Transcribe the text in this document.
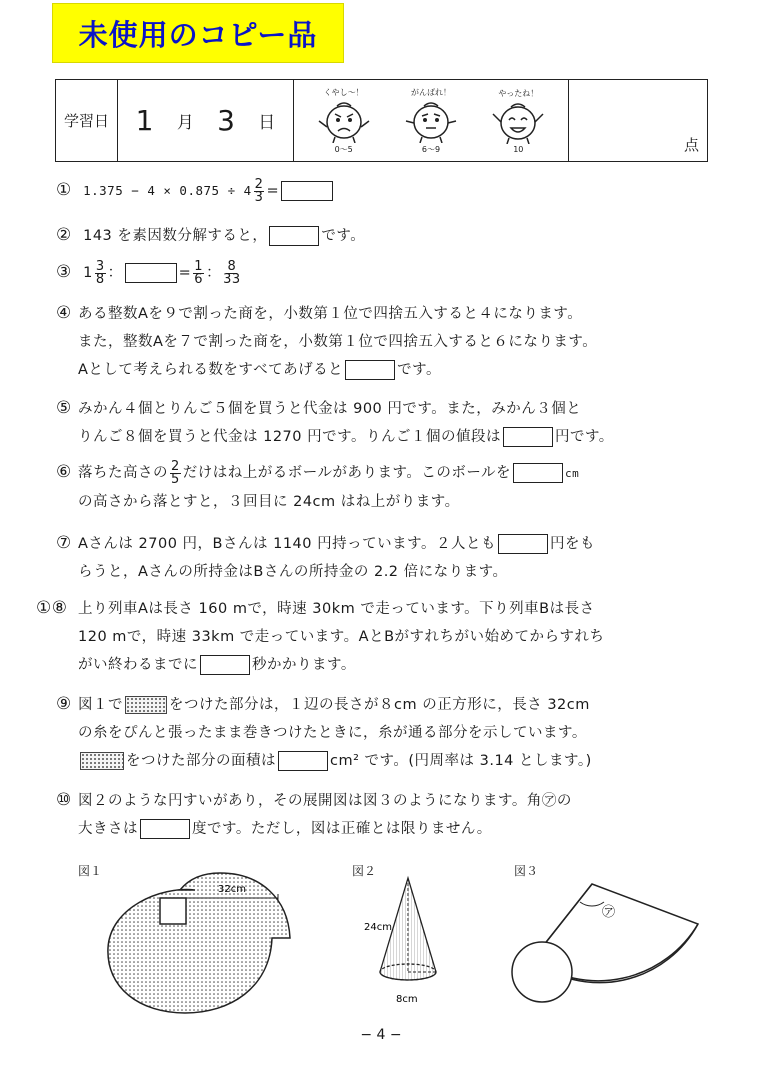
未使用のコピー品
学習日 1 月 3 日
くやし～！
0～5
がんばれ！
6～9
やったね！
10	点
① $1.375 - 4 \times 0.875 \div 4 \frac{2}{3}$ =
② 143 を素因数分解すると，	です。
③ $1 \frac{3}{8}$ ：	= $\frac{1}{6}$ ： $\frac{8}{33}$
④ ある整数Aを９で割った商を，小数第１位で四捨五入すると４になります。
また，整数Aを７で割った商を，小数第１位で四捨五入すると６になります。
Aとして考えられる数をすべてあげると	です。
⑤ みかん４個とりんご５個を買うと代金は 900 円です。また，みかん３個と
りんご８個を買うと代金は 1270 円です。りんご１個の値段は	円です。
⑥ 落ちた高さの $\frac{2}{5}$ だけはね上がるボールがあります。このボールを	cm
の高さから落とすと，３回目に 24cm はね上がります。
⑦ Aさんは 2700 円，Bさんは 1140 円持っています。２人とも	円をも
らうと，Aさんの所持金はBさんの所持金の 2.2 倍になります。
①⑧ 上り列車Aは長さ 160 mで，時速 30km で走っています。下り列車Bは長さ
120 mで，時速 33km で走っています。AとBがすれちがい始めてからすれち
がい終わるまでに	秒かかります。
⑨ 図１で	をつけた部分は，１辺の長さが８cm の正方形に，長さ 32cm
の糸をぴんと張ったまま巻きつけたときに，糸が通る部分を示しています。
をつけた部分の面積は	cm² です。(円周率は 3.14 とします。)
⑩ 図２のような円すいがあり，その展開図は図３のようになります。角㋐の
大きさは	度です。ただし，図は正確とは限りません。
図１	図２	図３
32cm
24cm
8cm
㋐
− 4 −
